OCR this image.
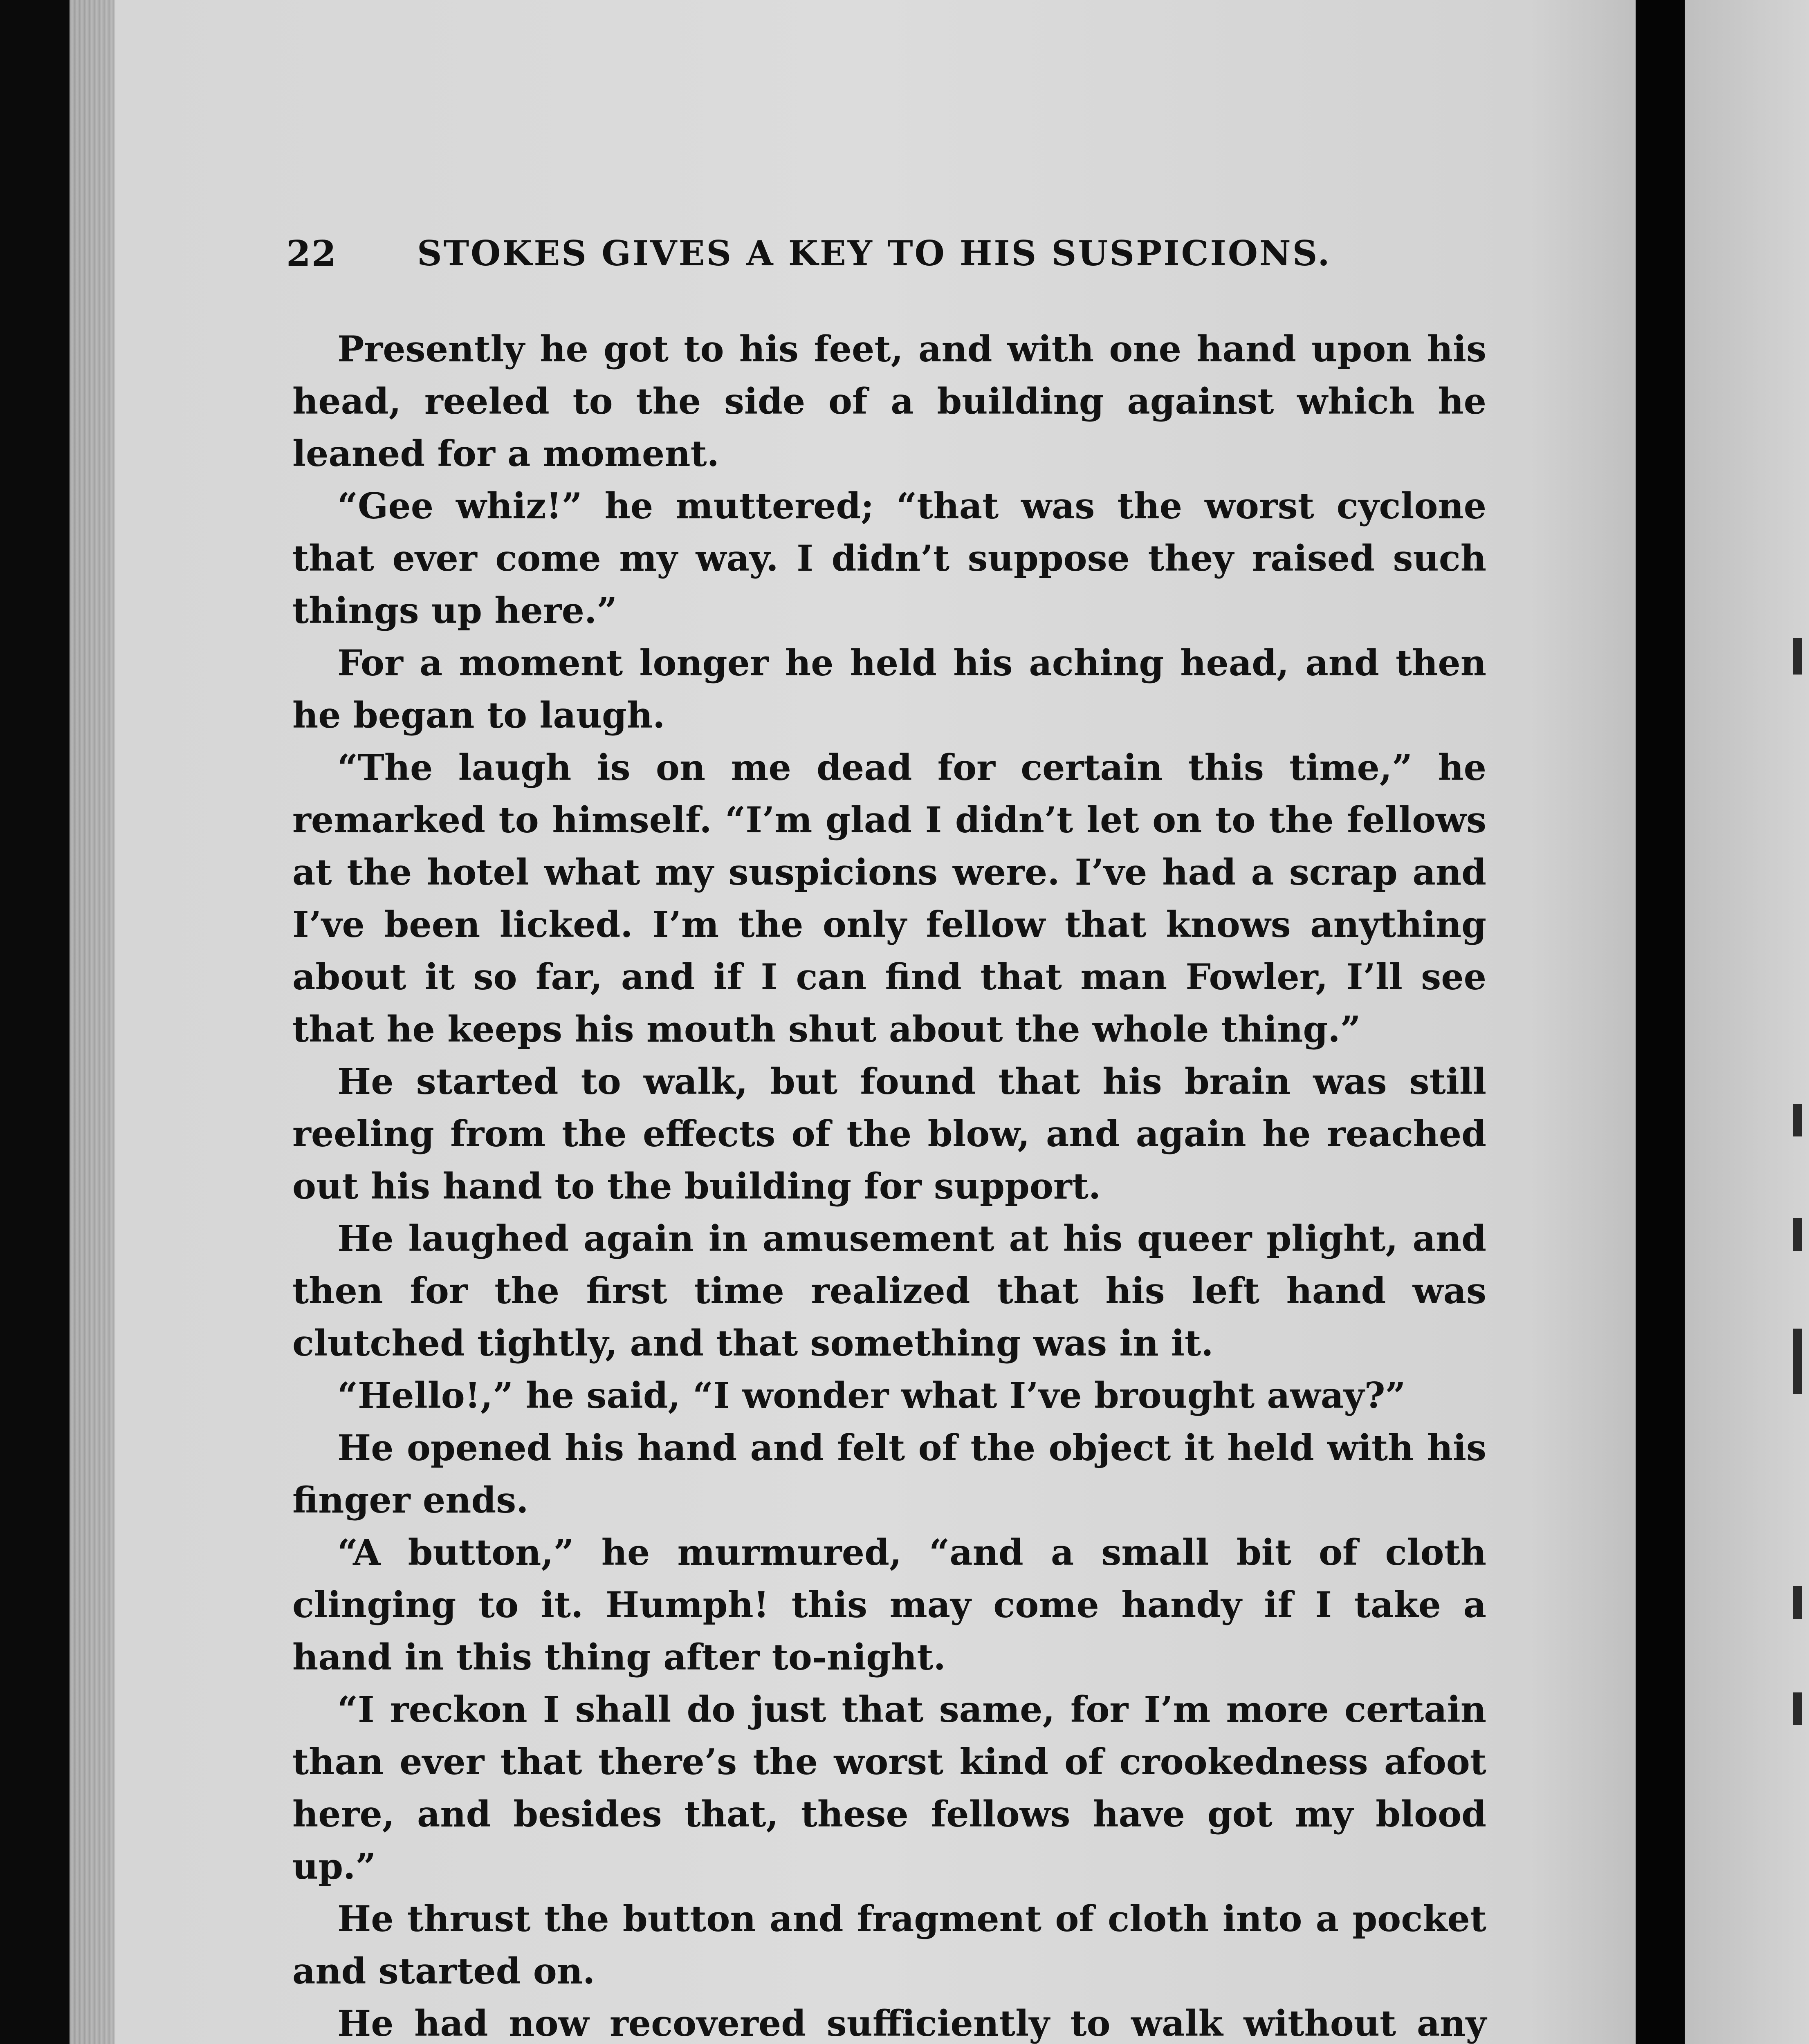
22 STOKES GIVES A KEY TO HIS SUSPICIONS.

Presently he got to his feet, and with one hand upon his head, reeled to the side of a building against which he leaned for a moment.

“Gee whiz!” he muttered; “that was the worst cyclone that ever come my way. I didn’t suppose they raised such things up here.”

For a moment longer he held his aching head, and then he began to laugh.

“The laugh is on me dead for certain this time,” he remarked to himself. “I’m glad I didn’t let on to the fellows at the hotel what my suspicions were. I’ve had a scrap and I’ve been licked. I’m the only fellow that knows anything about it so far, and if I can find that man Fowler, I’ll see that he keeps his mouth shut about the whole thing.”

He started to walk, but found that his brain was still reeling from the effects of the blow, and again he reached out his hand to the building for support.

He laughed again in amusement at his queer plight, and then for the first time realized that his left hand was clutched tightly, and that something was in it.

“Hello!,” he said, “I wonder what I’ve brought away?”

He opened his hand and felt of the object it held with his finger ends.

“A button,” he murmured, “and a small bit of cloth clinging to it. Humph! this may come handy if I take a hand in this thing after to-night.

“I reckon I shall do just that same, for I’m more certain than ever that there’s the worst kind of crookedness afoot here, and besides that, these fellows have got my blood up.”

He thrust the button and fragment of cloth into a pocket and started on.

He had now recovered sufficiently to walk without any
